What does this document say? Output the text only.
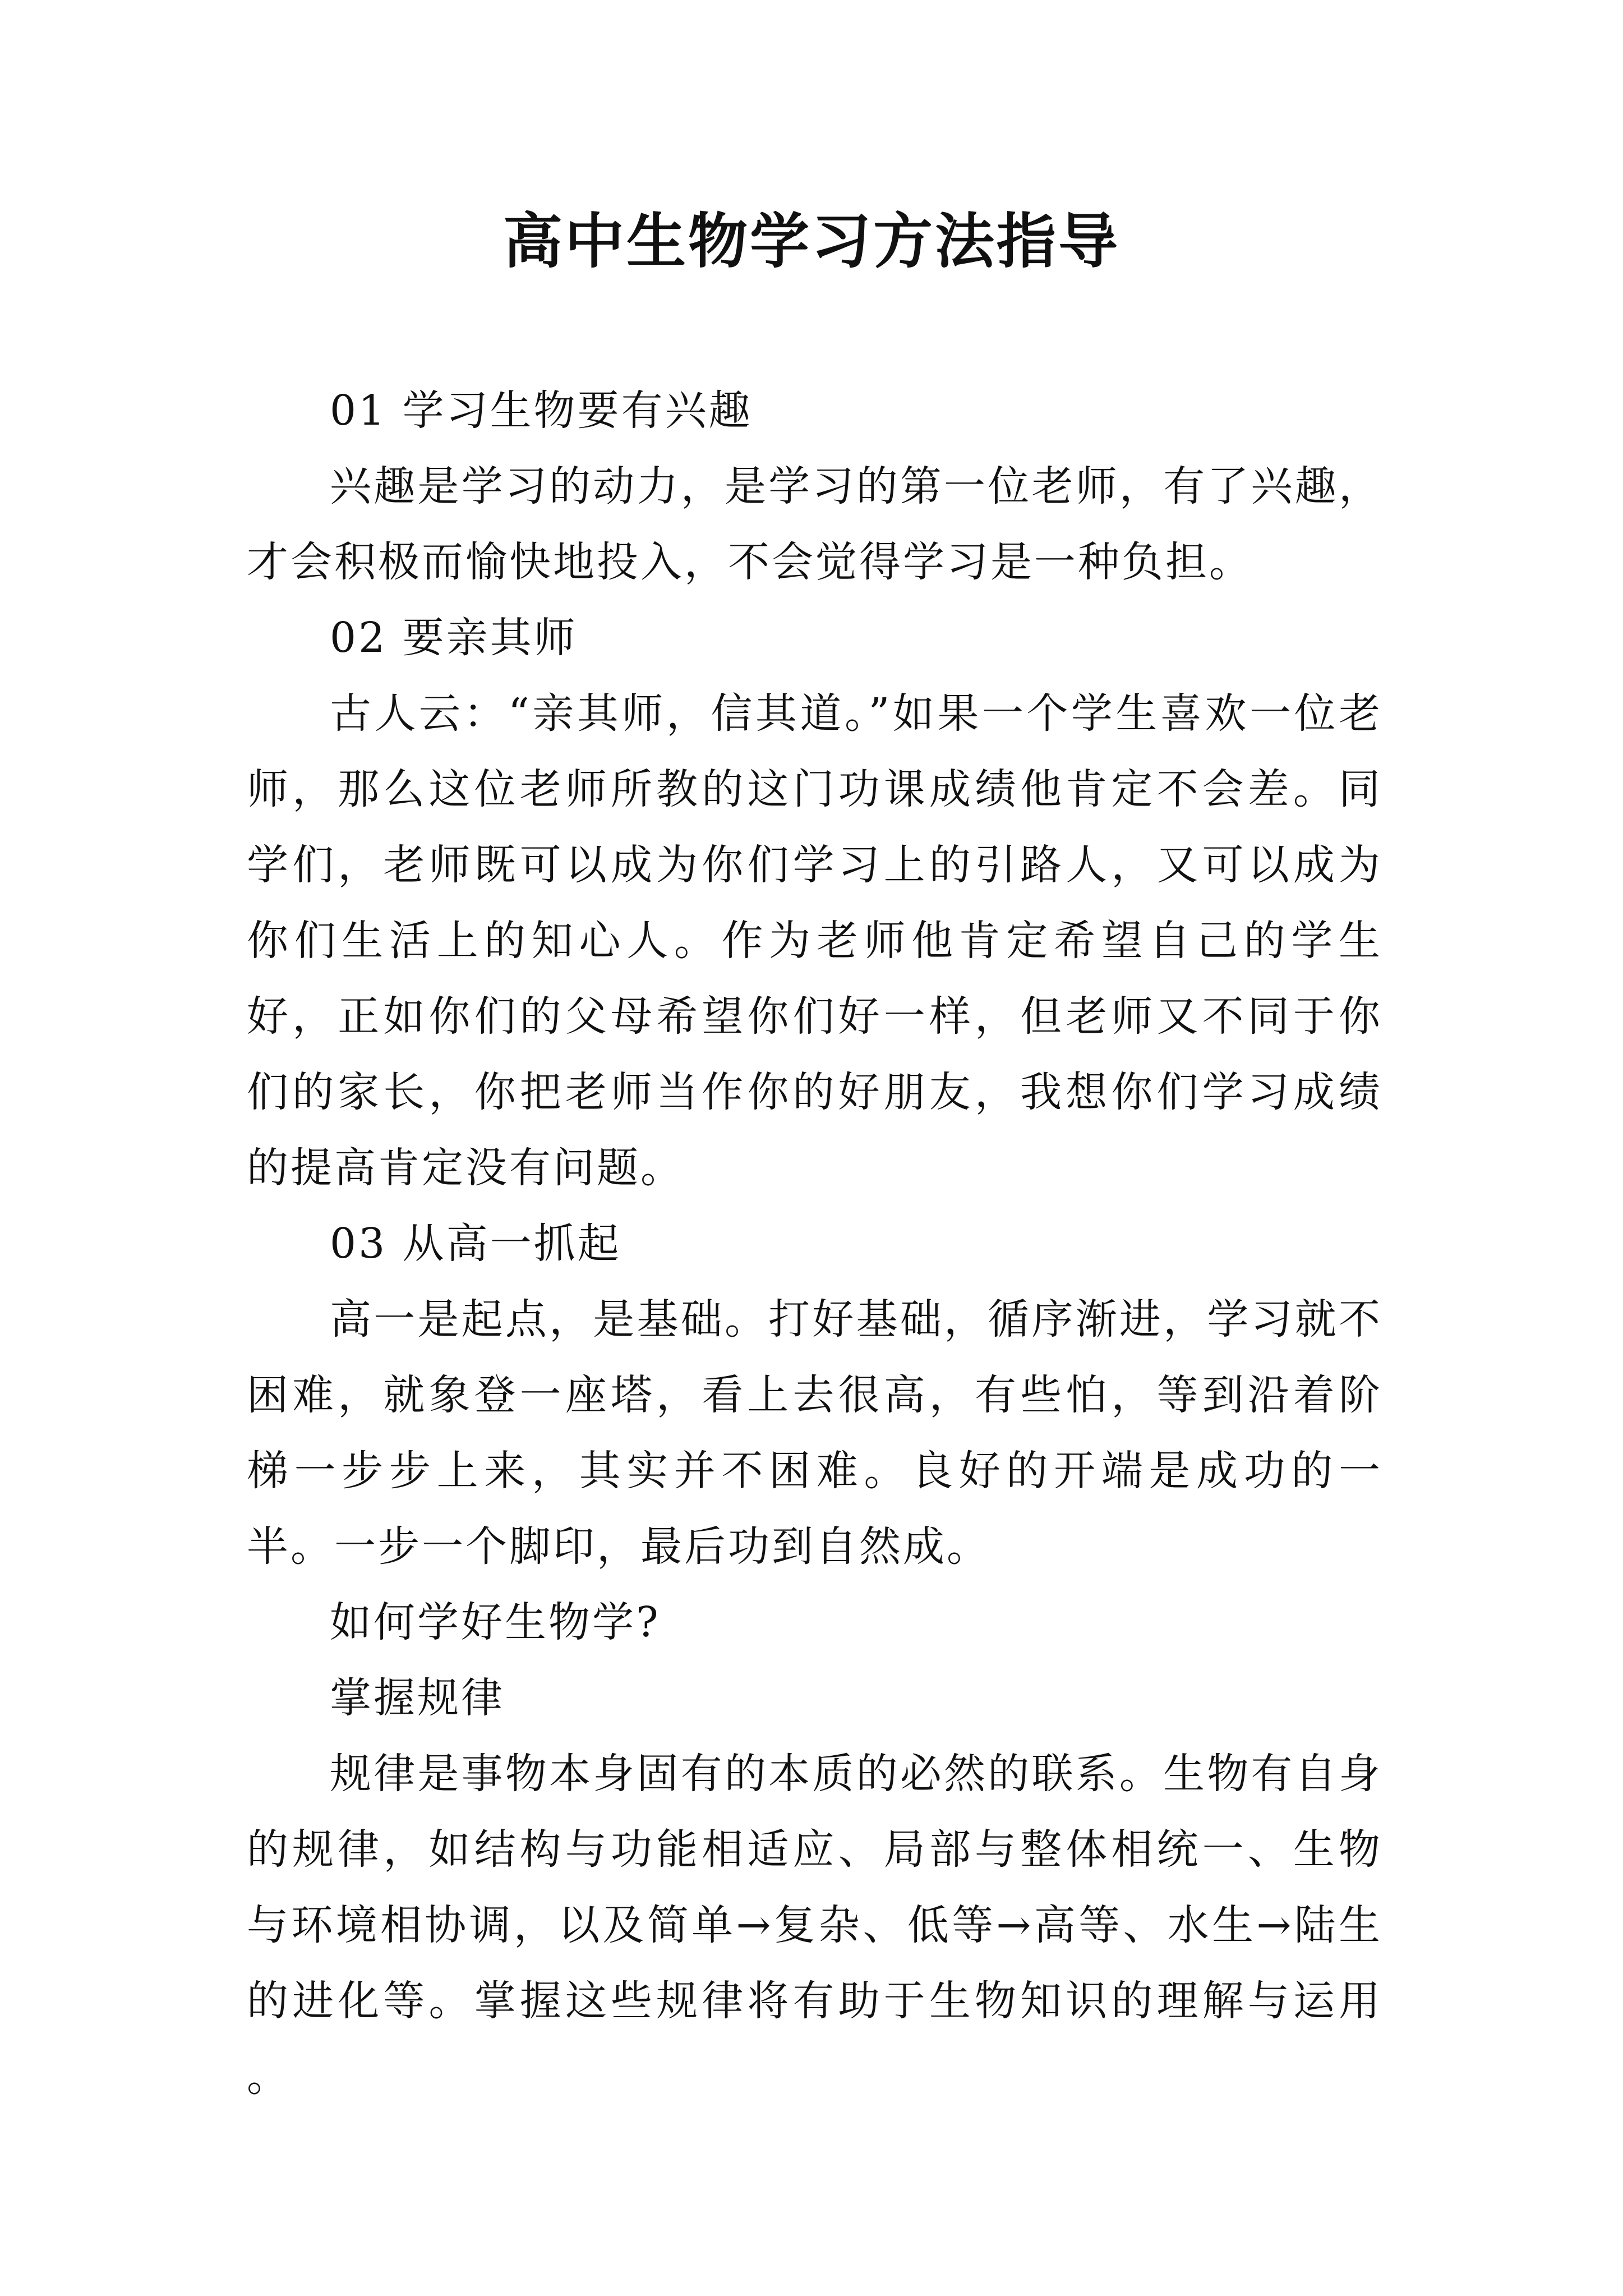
高中生物学习方法指导

01 学习生物要有兴趣

兴趣是学习的动力，是学习的第一位老师，有了兴趣，才会积极而愉快地投入，不会觉得学习是一种负担。

02 要亲其师

古人云：“亲其师，信其道。”如果一个学生喜欢一位老师，那么这位老师所教的这门功课成绩他肯定不会差。同学们，老师既可以成为你们学习上的引路人，又可以成为你们生活上的知心人。作为老师他肯定希望自己的学生好，正如你们的父母希望你们好一样，但老师又不同于你们的家长，你把老师当作你的好朋友，我想你们学习成绩的提高肯定没有问题。

03 从高一抓起

高一是起点，是基础。打好基础，循序渐进，学习就不困难，就象登一座塔，看上去很高，有些怕，等到沿着阶梯一步步上来，其实并不困难。良好的开端是成功的一半。一步一个脚印，最后功到自然成。

如何学好生物学?

掌握规律

规律是事物本身固有的本质的必然的联系。生物有自身的规律，如结构与功能相适应、局部与整体相统一、生物与环境相协调，以及简单→复杂、低等→高等、水生→陆生的进化等。掌握这些规律将有助于生物知识的理解与运用 。
